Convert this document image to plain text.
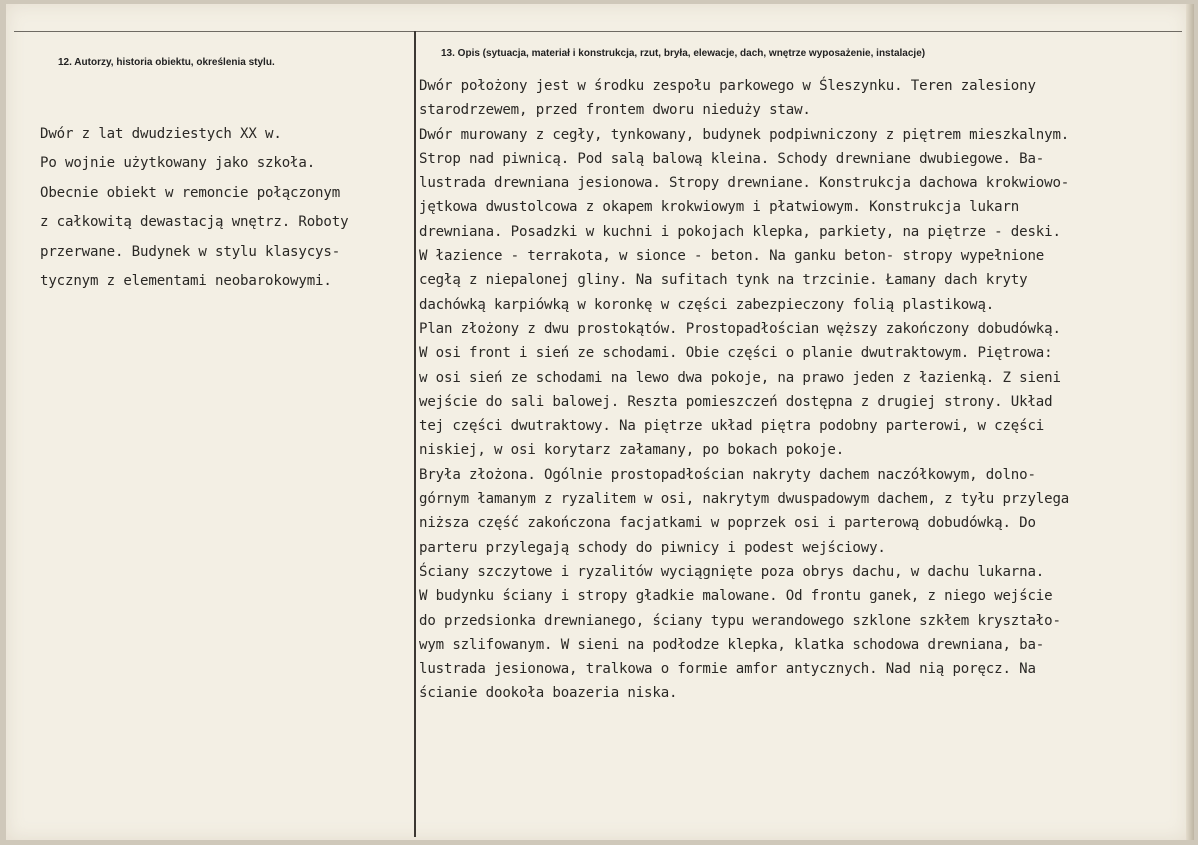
12. Autorzy, historia obiektu, określenia stylu.
13. Opis (sytuacja, materiał i konstrukcja, rzut, bryła, elewacje, dach, wnętrze wyposażenie, instalacje)
Dwór z lat dwudziestych XX w.
Po wojnie użytkowany jako szkoła.
Obecnie obiekt w remoncie połączonym
z całkowitą dewastacją wnętrz. Roboty
przerwane. Budynek w stylu klasycys-
tycznym z elementami neobarokowymi.
Dwór położony jest w środku zespołu parkowego w Śleszynku. Teren zalesiony
starodrzewem, przed frontem dworu nieduży staw.
Dwór murowany z cegły, tynkowany, budynek podpiwniczony z piętrem mieszkalnym.
Strop nad piwnicą. Pod salą balową kleina. Schody drewniane dwubiegowe. Ba-
lustrada drewniana jesionowa. Stropy drewniane. Konstrukcja dachowa krokwiowo-
jętkowa dwustolcowa z okapem krokwiowym i płatwiowym. Konstrukcja lukarn
drewniana. Posadzki w kuchni i pokojach klepka, parkiety, na piętrze - deski.
W łazience - terrakota, w sionce - beton. Na ganku beton- stropy wypełnione
cegłą z niepalonej gliny. Na sufitach tynk na trzcinie. Łamany dach kryty
dachówką karpiówką w koronkę w części zabezpieczony folią plastikową.
Plan złożony z dwu prostokątów. Prostopadłościan węższy zakończony dobudówką.
W osi front i sień ze schodami. Obie części o planie dwutraktowym. Piętrowa:
w osi sień ze schodami na lewo dwa pokoje, na prawo jeden z łazienką. Z sieni
wejście do sali balowej. Reszta pomieszczeń dostępna z drugiej strony. Układ
tej części dwutraktowy. Na piętrze układ piętra podobny parterowi, w części
niskiej, w osi korytarz załamany, po bokach pokoje.
Bryła złożona. Ogólnie prostopadłościan nakryty dachem naczółkowym, dolno-
górnym łamanym z ryzalitem w osi, nakrytym dwuspadowym dachem, z tyłu przylega
niższa część zakończona facjatkami w poprzek osi i parterową dobudówką. Do
parteru przylegają schody do piwnicy i podest wejściowy.
Ściany szczytowe i ryzalitów wyciągnięte poza obrys dachu, w dachu lukarna.
W budynku ściany i stropy gładkie malowane. Od frontu ganek, z niego wejście
do przedsionka drewnianego, ściany typu werandowego szklone szkłem kryształo-
wym szlifowanym. W sieni na podłodze klepka, klatka schodowa drewniana, ba-
lustrada jesionowa, tralkowa o formie amfor antycznych. Nad nią poręcz. Na
ścianie dookoła boazeria niska.
